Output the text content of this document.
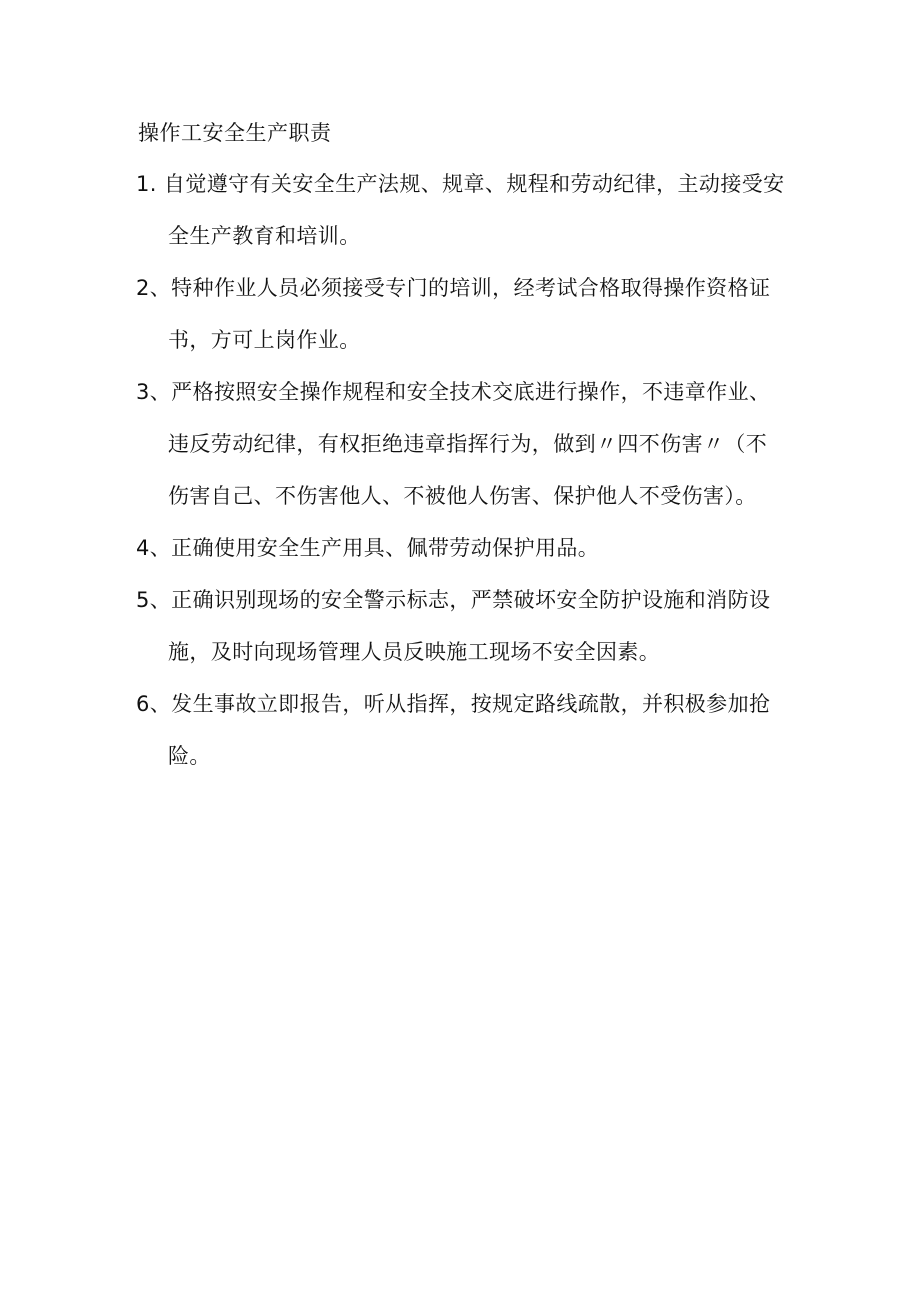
操作工安全生产职责
1. 自觉遵守有关安全生产法规、规章、规程和劳动纪律，主动接受安
全生产教育和培训。
2、特种作业人员必须接受专门的培训，经考试合格取得操作资格证
书，方可上岗作业。
3、严格按照安全操作规程和安全技术交底进行操作，不违章作业、
违反劳动纪律，有权拒绝违章指挥行为，做到〃四不伤害〃（不
伤害自己、不伤害他人、不被他人伤害、保护他人不受伤害）。
4、正确使用安全生产用具、佩带劳动保护用品。
5、正确识别现场的安全警示标志，严禁破坏安全防护设施和消防设
施，及时向现场管理人员反映施工现场不安全因素。
6、发生事故立即报告，听从指挥，按规定路线疏散，并积极参加抢
险。
